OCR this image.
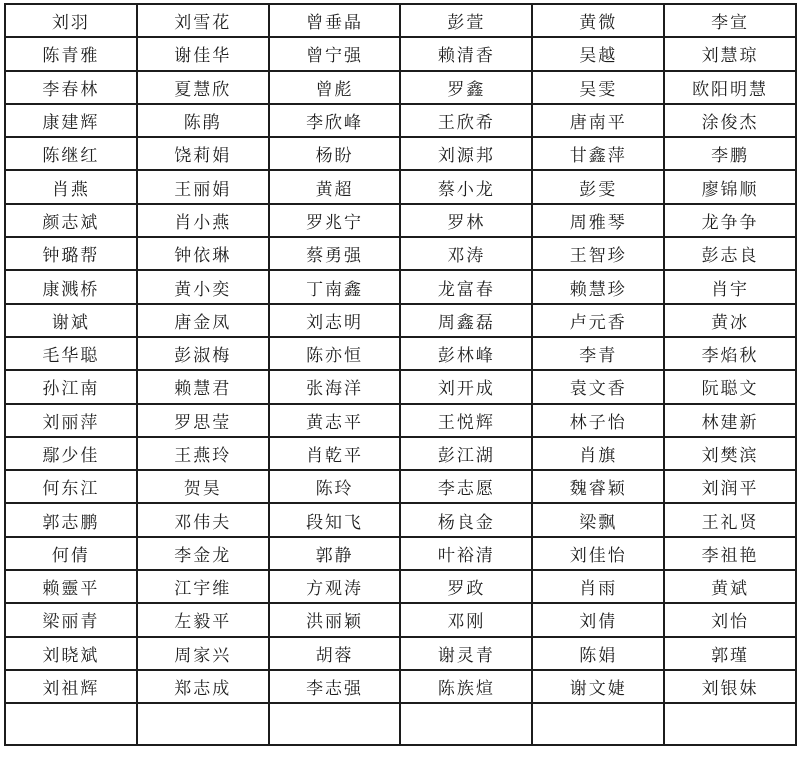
刘羽	刘雪花	曾垂晶	彭萱	黄微	李宣
陈青雅	谢佳华	曾宁强	赖清香	吴越	刘慧琼
李春林	夏慧欣	曾彪	罗鑫	吴雯	欧阳明慧
康建辉	陈鹃	李欣峰	王欣希	唐南平	涂俊杰
陈继红	饶莉娟	杨盼	刘源邦	甘鑫萍	李鹏
肖燕	王丽娟	黄超	蔡小龙	彭雯	廖锦顺
颜志斌	肖小燕	罗兆宁	罗林	周雅琴	龙争争
钟璐帮	钟依琳	蔡勇强	邓涛	王智珍	彭志良
康溅桥	黄小奕	丁南鑫	龙富春	赖慧珍	肖宇
谢斌	唐金凤	刘志明	周鑫磊	卢元香	黄冰
毛华聪	彭淑梅	陈亦恒	彭林峰	李青	李焰秋
孙江南	赖慧君	张海洋	刘开成	袁文香	阮聪文
刘丽萍	罗思莹	黄志平	王悦辉	林子怡	林建新
鄢少佳	王燕玲	肖乾平	彭江湖	肖旗	刘樊滨
何东江	贺昊	陈玲	李志愿	魏睿颖	刘润平
郭志鹏	邓伟夫	段知飞	杨良金	梁飘	王礼贤
何倩	李金龙	郭静	叶裕清	刘佳怡	李祖艳
赖靈平	江宇维	方观涛	罗政	肖雨	黄斌
梁丽青	左毅平	洪丽颖	邓刚	刘倩	刘怡
刘晓斌	周家兴	胡蓉	谢灵青	陈娟	郭瑾
刘祖辉	郑志成	李志强	陈族煊	谢文婕	刘银妹
